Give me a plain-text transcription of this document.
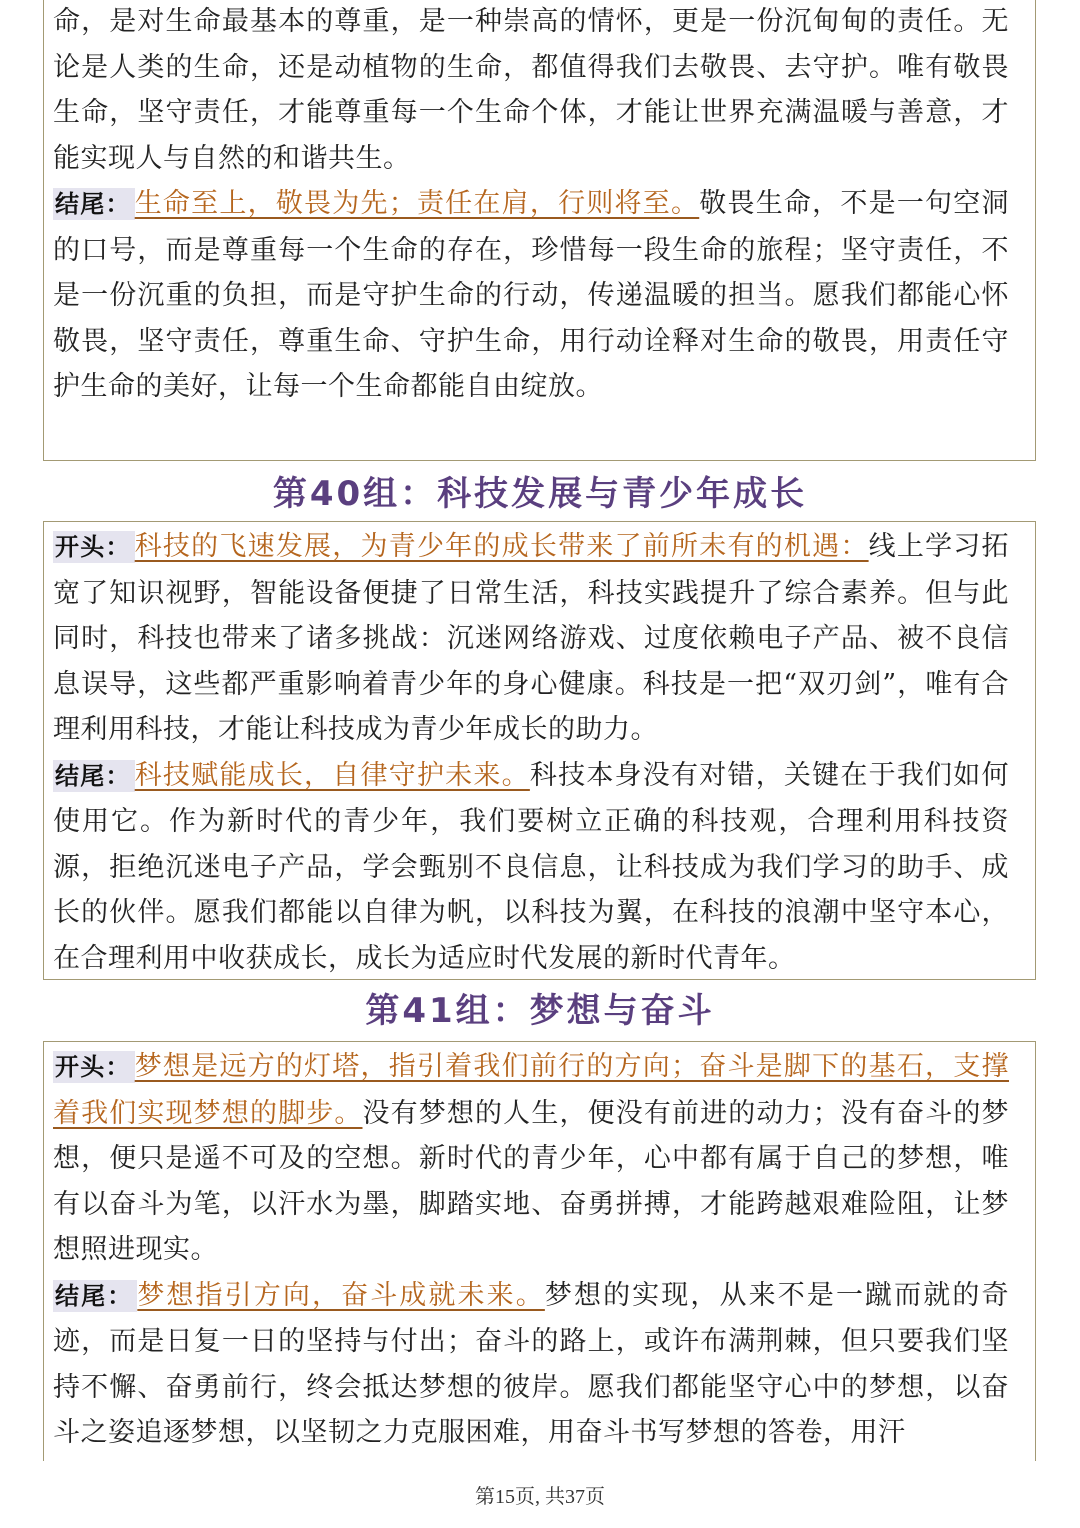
命，是对生命最基本的尊重，是一种崇高的情怀，更是一份沉甸甸的责任。无论是人类的生命，还是动植物的生命，都值得我们去敬畏、去守护。唯有敬畏生命，坚守责任，才能尊重每一个生命个体，才能让世界充满温暖与善意，才能实现人与自然的和谐共生。

结尾： 生命至上，敬畏为先；责任在肩，行则将至。敬畏生命，不是一句空洞的口号，而是尊重每一个生命的存在，珍惜每一段生命的旅程；坚守责任，不是一份沉重的负担，而是守护生命的行动，传递温暖的担当。愿我们都能心怀敬畏，坚守责任，尊重生命、守护生命，用行动诠释对生命的敬畏，用责任守护生命的美好，让每一个生命都能自由绽放。

第40组：科技发展与青少年成长

开头： 科技的飞速发展，为青少年的成长带来了前所未有的机遇：线上学习拓宽了知识视野，智能设备便捷了日常生活，科技实践提升了综合素养。但与此同时，科技也带来了诸多挑战：沉迷网络游戏、过度依赖电子产品、被不良信息误导，这些都严重影响着青少年的身心健康。科技是一把“双刃剑”，唯有合理利用科技，才能让科技成为青少年成长的助力。

结尾： 科技赋能成长，自律守护未来。科技本身没有对错，关键在于我们如何使用它。作为新时代的青少年，我们要树立正确的科技观，合理利用科技资源，拒绝沉迷电子产品，学会甄别不良信息，让科技成为我们学习的助手、成长的伙伴。愿我们都能以自律为帆，以科技为翼，在科技的浪潮中坚守本心，在合理利用中收获成长，成长为适应时代发展的新时代青年。

第41组：梦想与奋斗

开头： 梦想是远方的灯塔，指引着我们前行的方向；奋斗是脚下的基石，支撑着我们实现梦想的脚步。没有梦想的人生，便没有前进的动力；没有奋斗的梦想，便只是遥不可及的空想。新时代的青少年，心中都有属于自己的梦想，唯有以奋斗为笔，以汗水为墨，脚踏实地、奋勇拼搏，才能跨越艰难险阻，让梦想照进现实。

结尾： 梦想指引方向，奋斗成就未来。梦想的实现，从来不是一蹴而就的奇迹，而是日复一日的坚持与付出；奋斗的路上，或许布满荆棘，但只要我们坚持不懈、奋勇前行，终会抵达梦想的彼岸。愿我们都能坚守心中的梦想，以奋斗之姿追逐梦想，以坚韧之力克服困难，用奋斗书写梦想的答卷，用汗

第15页, 共37页
